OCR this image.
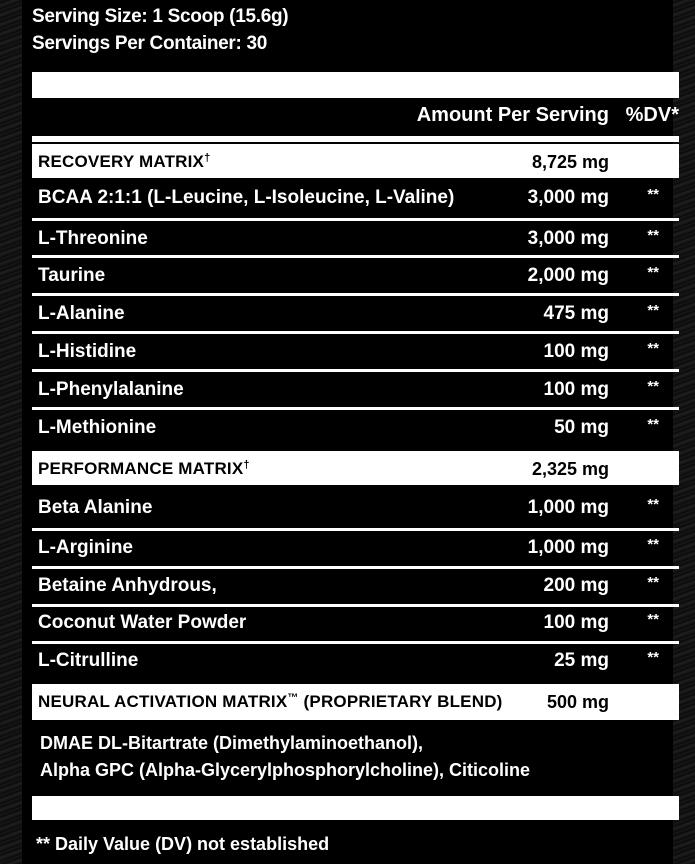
Serving Size: 1 Scoop (15.6g)
Servings Per Container: 30
Amount Per Serving %DV*
RECOVERY MATRIX†	8,725 mg
BCAA 2:1:1 (L-Leucine, L-Isoleucine, L-Valine)	3,000 mg	**
L-Threonine	3,000 mg	**
Taurine	2,000 mg	**
L-Alanine	475 mg	**
L-Histidine	100 mg	**
L-Phenylalanine	100 mg	**
L-Methionine	50 mg	**
PERFORMANCE MATRIX†	2,325 mg
Beta Alanine	1,000 mg	**
L-Arginine	1,000 mg	**
Betaine Anhydrous,	200 mg	**
Coconut Water Powder	100 mg	**
L-Citrulline	25 mg	**
NEURAL ACTIVATION MATRIX™ (PROPRIETARY BLEND) 500 mg
DMAE DL-Bitartrate (Dimethylaminoethanol),
Alpha GPC (Alpha-Glycerylphosphorylcholine), Citicoline
** Daily Value (DV) not established
